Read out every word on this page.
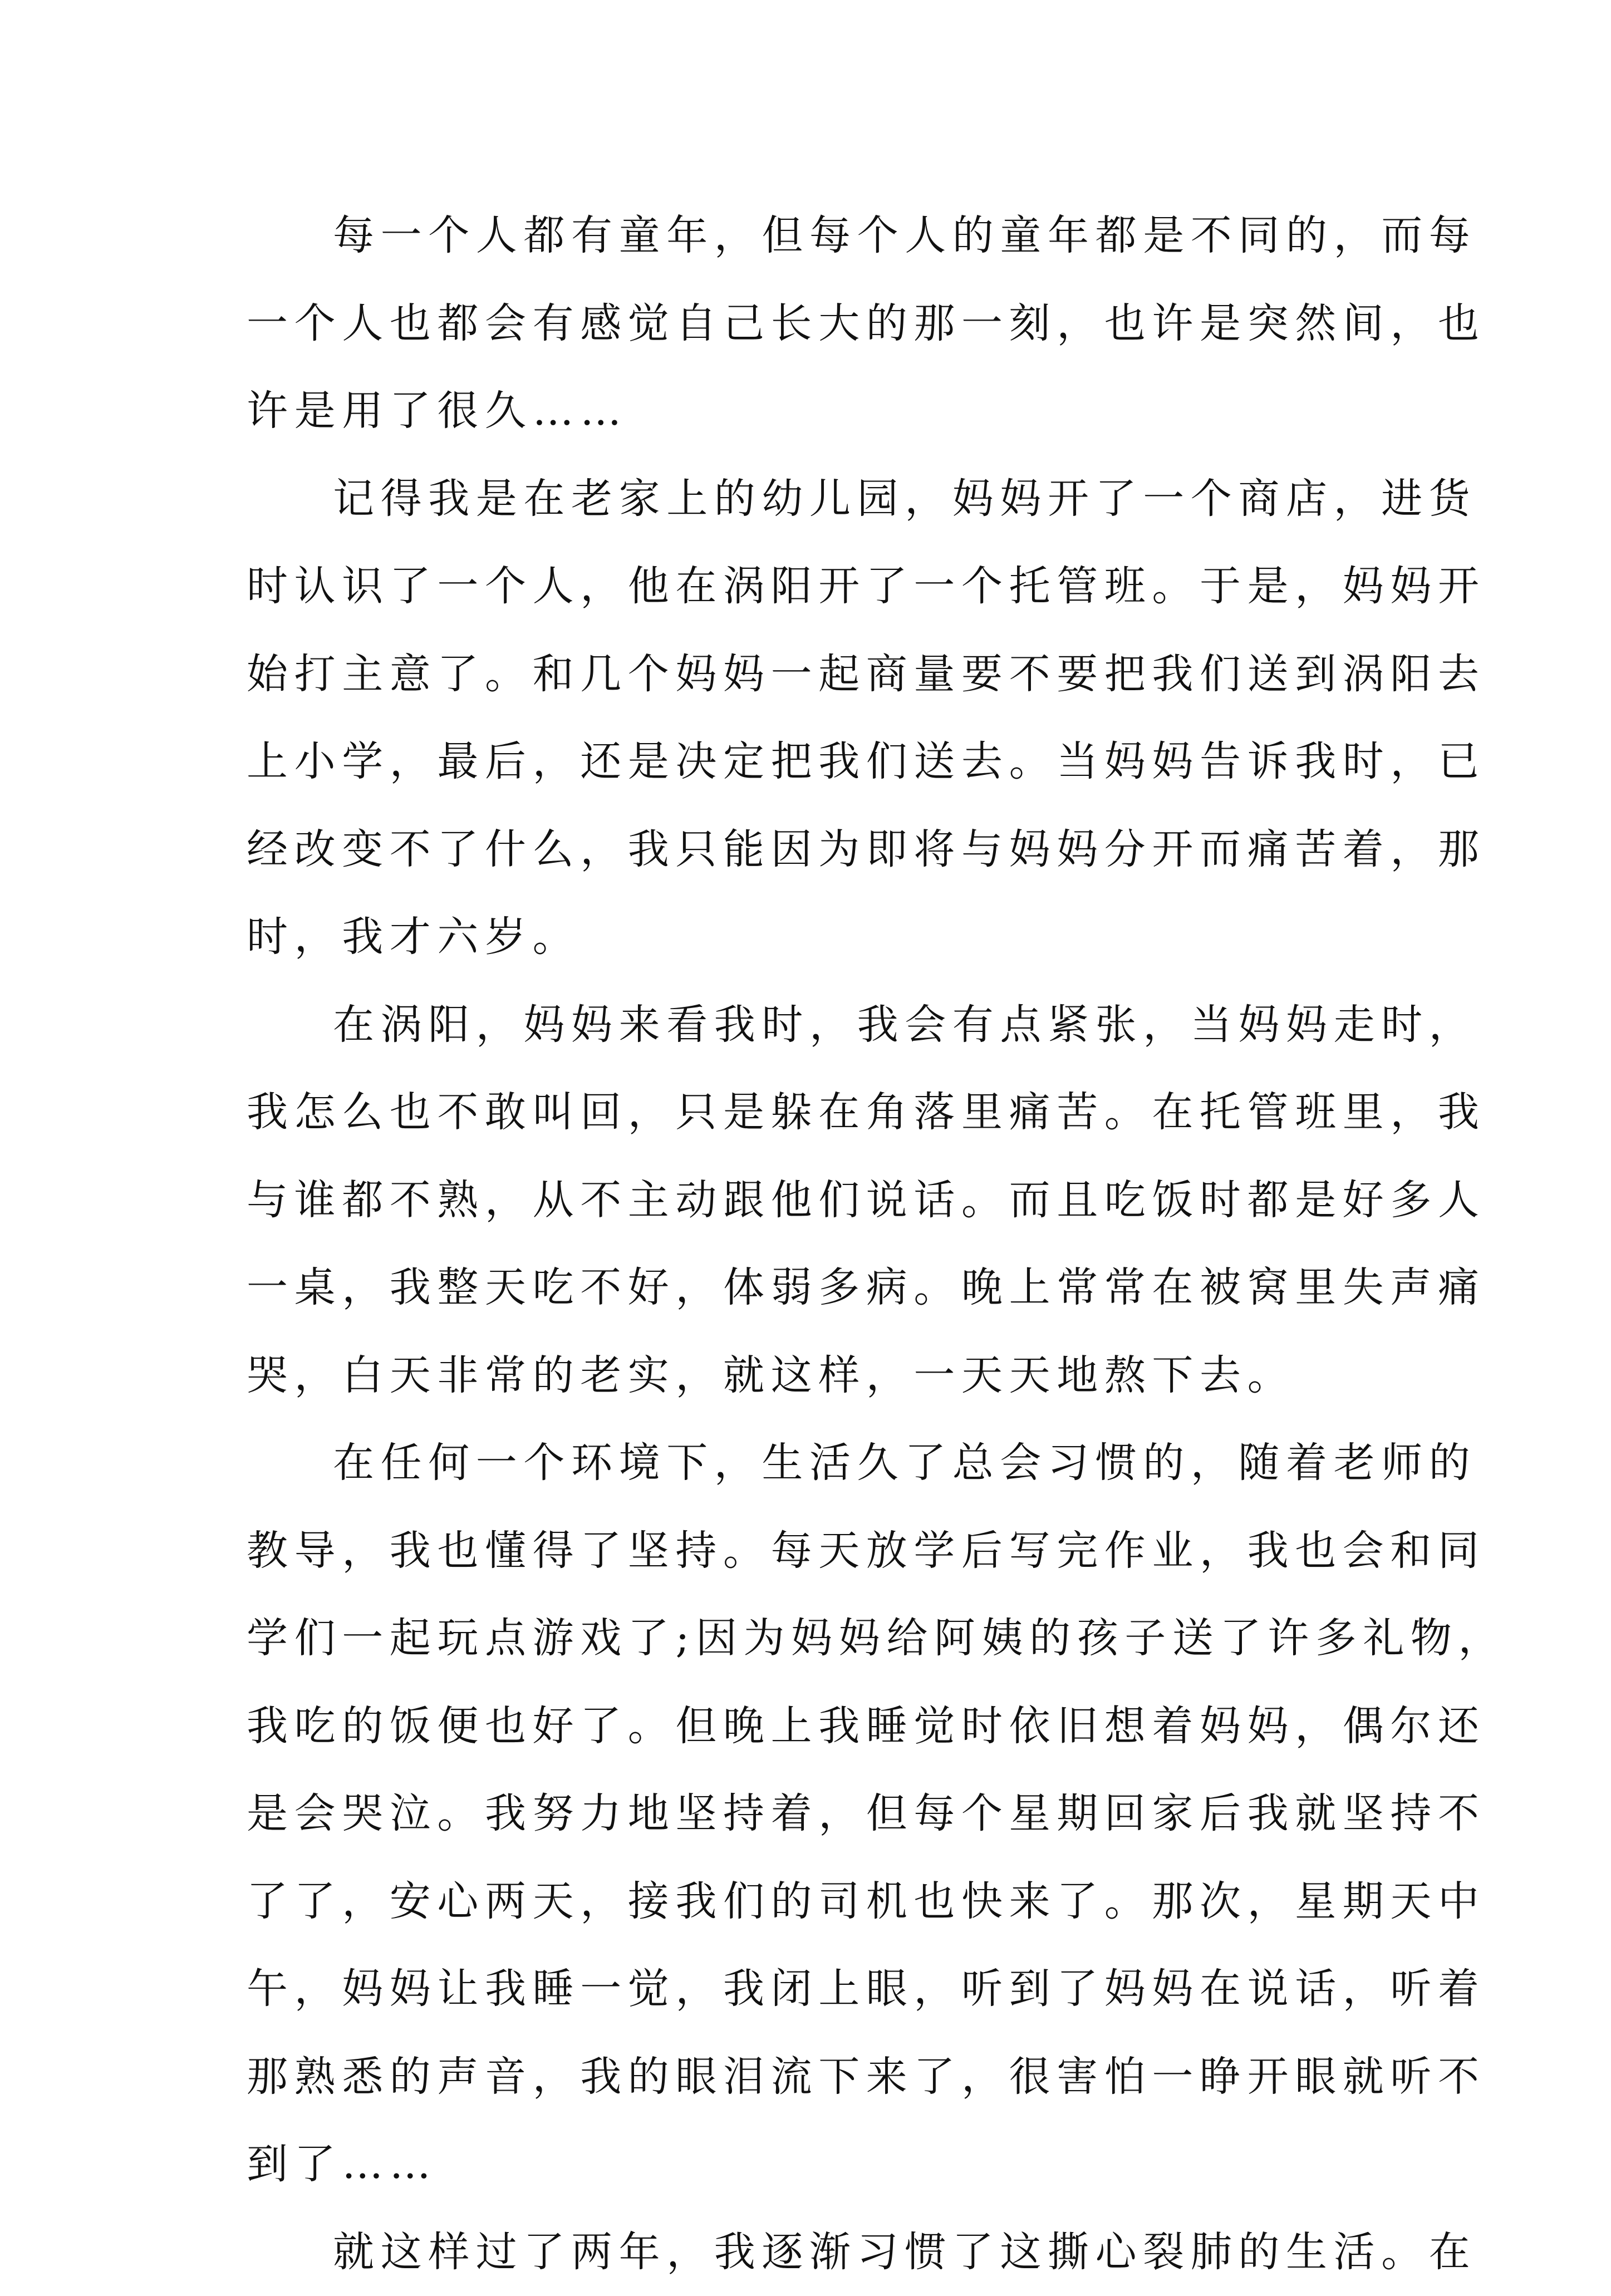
每一个人都有童年，但每个人的童年都是不同的，而每
一个人也都会有感觉自己长大的那一刻，也许是突然间，也
许是用了很久……

记得我是在老家上的幼儿园，妈妈开了一个商店，进货
时认识了一个人，他在涡阳开了一个托管班。于是，妈妈开
始打主意了。和几个妈妈一起商量要不要把我们送到涡阳去
上小学，最后，还是决定把我们送去。当妈妈告诉我时，已
经改变不了什么，我只能因为即将与妈妈分开而痛苦着，那
时，我才六岁。

在涡阳，妈妈来看我时，我会有点紧张，当妈妈走时，
我怎么也不敢叫回，只是躲在角落里痛苦。在托管班里，我
与谁都不熟，从不主动跟他们说话。而且吃饭时都是好多人
一桌，我整天吃不好，体弱多病。晚上常常在被窝里失声痛
哭，白天非常的老实，就这样，一天天地熬下去。

在任何一个环境下，生活久了总会习惯的，随着老师的
教导，我也懂得了坚持。每天放学后写完作业，我也会和同
学们一起玩点游戏了;因为妈妈给阿姨的孩子送了许多礼物，
我吃的饭便也好了。但晚上我睡觉时依旧想着妈妈，偶尔还
是会哭泣。我努力地坚持着，但每个星期回家后我就坚持不
了了，安心两天，接我们的司机也快来了。那次，星期天中
午，妈妈让我睡一觉，我闭上眼，听到了妈妈在说话，听着
那熟悉的声音，我的眼泪流下来了，很害怕一睁开眼就听不
到了……

就这样过了两年，我逐渐习惯了这撕心裂肺的生活。在
